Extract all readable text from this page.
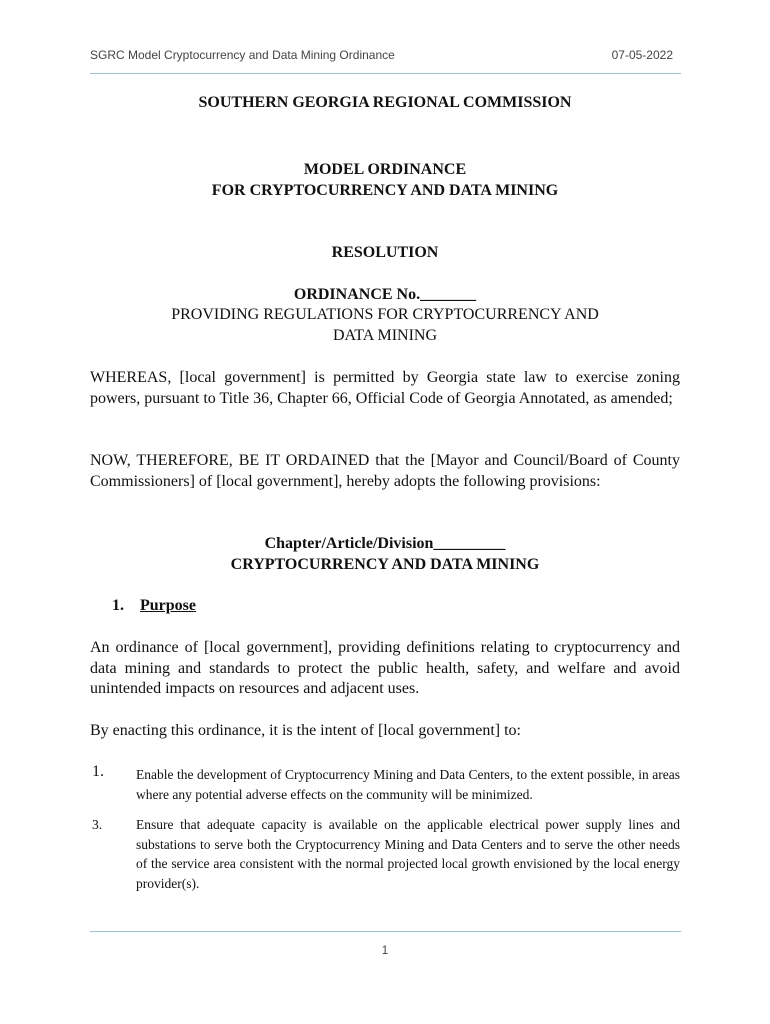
SGRC Model Cryptocurrency and Data Mining Ordinance	07-05-2022
SOUTHERN GEORGIA REGIONAL COMMISSION
MODEL ORDINANCE
FOR CRYPTOCURRENCY AND DATA MINING
RESOLUTION
ORDINANCE No._______
PROVIDING REGULATIONS FOR CRYPTOCURRENCY AND
DATA MINING
WHEREAS, [local government] is permitted by Georgia state law to exercise zoning powers, pursuant to Title 36, Chapter 66, Official Code of Georgia Annotated, as amended;
NOW, THEREFORE, BE IT ORDAINED that the [Mayor and Council/Board of County Commissioners] of [local government], hereby adopts the following provisions:
Chapter/Article/Division_________
CRYPTOCURRENCY AND DATA MINING
1. Purpose
An ordinance of [local government], providing definitions relating to cryptocurrency and data mining and standards to protect the public health, safety, and welfare and avoid unintended impacts on resources and adjacent uses.
By enacting this ordinance, it is the intent of [local government] to:
1. Enable the development of Cryptocurrency Mining and Data Centers, to the extent possible, in areas where any potential adverse effects on the community will be minimized.
3.	Ensure that adequate capacity is available on the applicable electrical power supply lines and substations to serve both the Cryptocurrency Mining and Data Centers and to serve the other needs of the service area consistent with the normal projected local growth envisioned by the local energy provider(s).
1
